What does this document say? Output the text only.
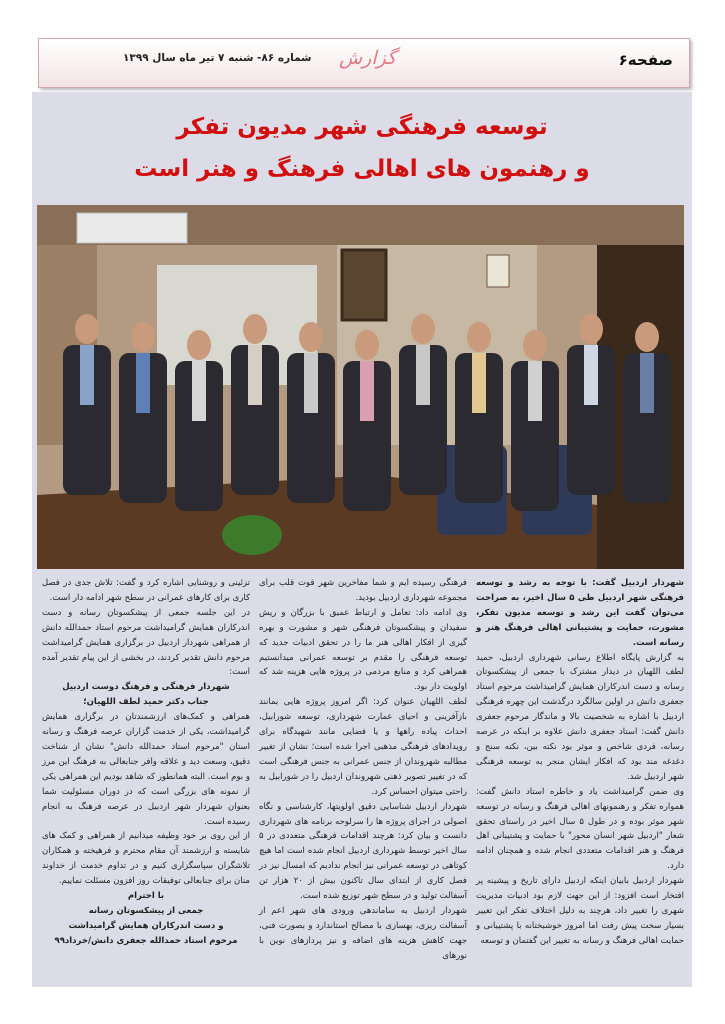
شماره ۸۶- شنبه ۷ تیر ماه سال ۱۳۹۹ گزارش	صفحه۶
توسعه فرهنگی شهر مدیون تفکر
و رهنمون های اهالی فرهنگ و هنر است

شهردار اردبیل گفت: با توجه به رشد و توسعه فرهنگی شهر اردبیل طی ۵ سال اخیر، به صراحت می‌توان گفت این رشد و توسعه مدیون تفکر، مشورت، حمایت و پشتیبانی اهالی فرهنگ هنر و رسانه است.

به گزارش پایگاه اطلاع رسانی شهرداری اردبیل، حمید لطف اللهیان در دیدار مشترک با جمعی از پیشکسوتان رسانه و دست اندرکاران همایش گرامیداشت مرحوم استاد جعفری دانش در اولین سالگرد درگذشت این چهره فرهنگی اردبیل با اشاره به شخصیت بالا و ماندگار مرحوم جعفری دانش گفت: استاد جعفری دانش علاوه بر اینکه در عرصه رسانه، فردی شاخص و موثر بود نکته بین، نکته سنج و دغدغه مند بود که افکار ایشان منجر به توسعه فرهنگی شهر اردبیل شد.

وی ضمن گرامیداشت یاد و خاطره استاد دانش گفت: همواره تفکر و رهنمونهای اهالی فرهنگ و رسانه در توسعه شهر موثر بوده و در طول ۵ سال اخیر در راستای تحقق شعار "اردبیل شهر انسان محور" با حمایت و پشتیبانی اهل فرهنگ و هنر اقدامات متعددی انجام شده و همچنان ادامه دارد.

شهردار اردبیل بابیان اینکه اردبیل دارای تاریخ و پیشینه پر افتخار است افزود: از این جهت لازم بود ادبیات مدیریت شهری را تغییر داد، هرچند به دلیل اختلاف تفکر این تغییر بسیار سخت پیش رفت اما امروز خوشبختانه با پشتیبانی و حمایت اهالی فرهنگ و رسانه به تغییر این گفتمان و توسعه

فرهنگی رسیده ایم و شما مفاخرین شهر قوت قلب برای مجموعه شهرداری اردبیل بودید.

وی ادامه داد: تعامل و ارتباط عمیق با بزرگان و ریش سفیدان و پیشکسوتان فرهنگی شهر و مشورت و بهره گیری از افکار اهالی هنر ما را در تحقق ادبیات جدید که توسعه فرهنگی را مقدم بر توسعه عمرانی میدانستیم همراهی کرد و منابع مردمی در پروژه هایی هزینه شد که اولویت دار بود.

لطف اللهیان عنوان کرد: اگر امروز پروژه هایی بمانند بازآفرینی و احیای عمارت شهرداری، توسعه شورابیل، احداث پیاده راهها و یا فضایی مانند شهیدگاه برای رویدادهای فرهنگی مذهبی اجرا شده است؛ نشان از تغییر مطالبه شهروندان از جنس عمرانی به جنس فرهنگی است که در تغییر تصویر ذهنی شهروندان اردبیل را در شورابیل به راحتی میتوان احساس کرد.

شهردار اردبیل شناسایی دقیق اولویتها، کارشناسی و نگاه اصولی در اجرای پروژه ها را سرلوحه برنامه های شهرداری دانست و بیان کرد: هرچند اقدامات فرهنگی متعددی در ۵ سال اخیر توسط شهرداری اردبیل انجام شده است اما هیچ کوتاهی در توسعه عمرانی نیز انجام ندادیم که امسال نیز در فصل کاری از ابتدای سال تاکنون بیش از ۲۰ هزار تن آسفالت تولید و در سطح شهر توزیع شده است.

شهردار اردبیل به ساماندهی ورودی های شهر اعم از آسفالت ریزی، بهسازی با مصالح استاندارد و بصورت فنی، جهت کاهش هزینه های اضافه و نیز پردازهای نوین با نورهای

تزئینی و روشنایی اشاره کرد و گفت: تلاش جدی در فصل کاری برای کارهای عمرانی در سطح شهر ادامه دار است.

در این جلسه جمعی از پیشکسوتان رسانه و دست اندرکاران همایش گرامیداشت مرحوم استاد حمدالله دانش از همراهی شهردار اردبیل در برگزاری همایش گرامیداشت مرحوم دانش تقدیر کردند، در بخشی از این پیام تقدیر آمده است:

شهردار فرهنگی و فرهنگ دوست اردبیل

جناب دکتر حمید لطف اللهیان؛

همراهی و کمک‌های ارزشمندتان در برگزاری همایش گرامیداشت، یکی از خدمت گزاران عرصه فرهنگ و رسانه استان "مرحوم استاد حمدالله دانش" نشان از شناخت دقیق، وسعت دید و علاقه وافر جنابعالی به فرهنگ این مرز و بوم است. البته همانطور که شاهد بودیم این همراهی یکی از نمونه های بزرگی است که در دوران مسئولیت شما بعنوان شهردار شهر اردبیل در عرصه فرهنگ به انجام رسیده است.

از این روی بر خود وظیفه میدانیم از همراهی و کمک های شایسته و ارزشمند آن مقام محترم و فرهیخته و همکاران تلاشگران سپاسگزاری کنیم و در تداوم خدمت از خداوند منان برای جنابعالی توفیقات روز افزون مسئلت نماییم.

با احترام

جمعی از پیشکسوتان رسانه

و دست اندرکاران همایش گرامیداشت

مرحوم استاد حمدالله جعفری دانش/خرداد۹۹
